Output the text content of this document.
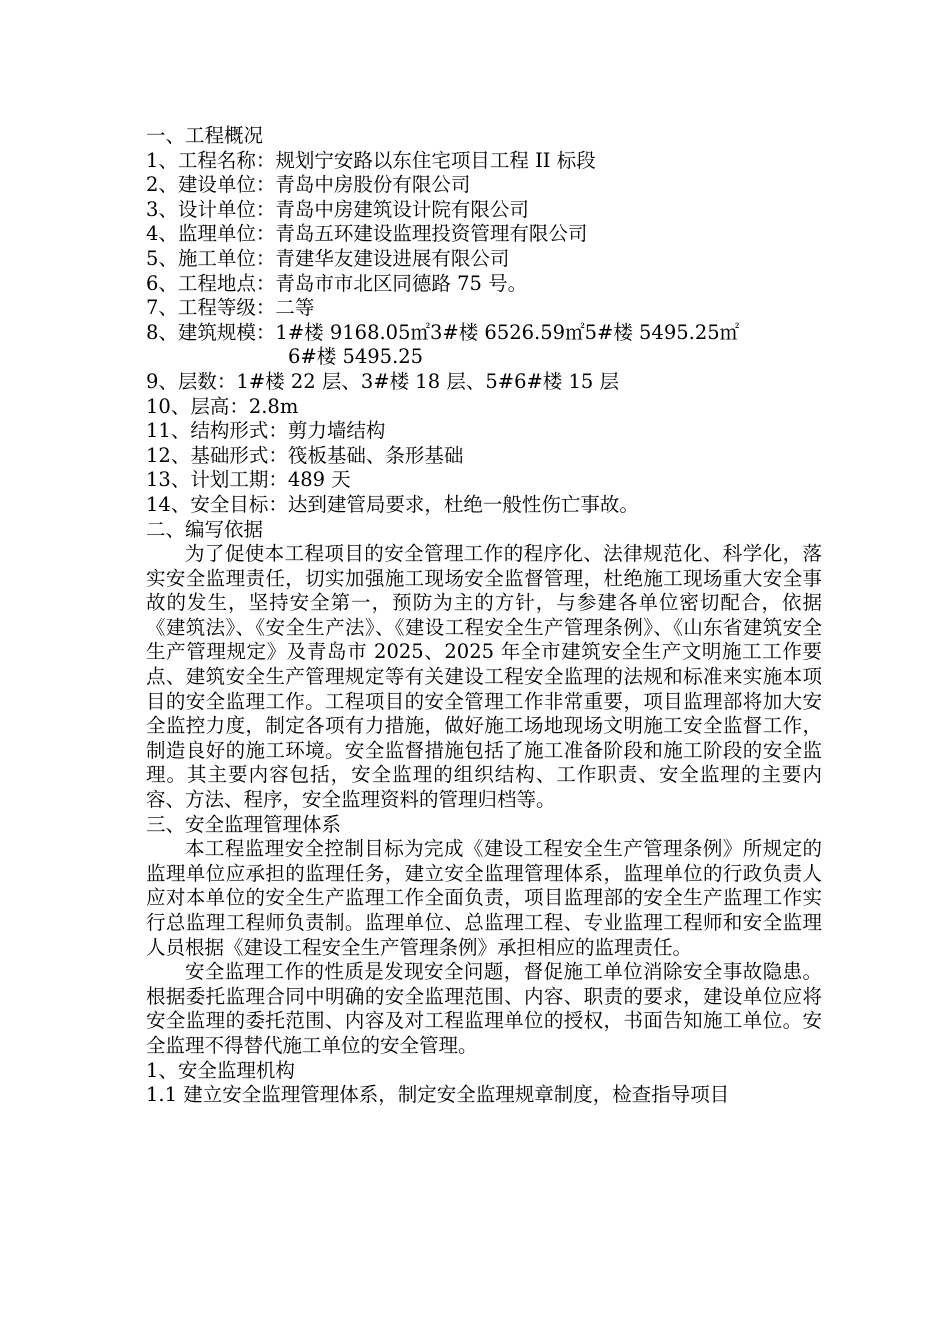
一、工程概况
1、工程名称：规划宁安路以东住宅项目工程 II 标段
2、建设单位：青岛中房股份有限公司
3、设计单位：青岛中房建筑设计院有限公司
4、监理单位：青岛五环建设监理投资管理有限公司
5、施工单位：青建华友建设进展有限公司
6、工程地点：青岛市市北区同德路 75 号。
7、工程等级：二等
8、建筑规模：1#楼 9168.05㎡3#楼 6526.59㎡5#楼 5495.25㎡
6#楼 5495.25
9、层数：1#楼 22 层、3#楼 18 层、5#6#楼 15 层
10、层高：2.8m
11、结构形式：剪力墙结构
12、基础形式：筏板基础、条形基础
13、计划工期：489 天
14、安全目标：达到建管局要求，杜绝一般性伤亡事故。
二、编写依据
为了促使本工程项目的安全管理工作的程序化、法律规范化、科学化，落实安全监理责任，切实加强施工现场安全监督管理，杜绝施工现场重大安全事故的发生，坚持安全第一，预防为主的方针，与参建各单位密切配合，依据《建筑法》、《安全生产法》、《建设工程安全生产管理条例》、《山东省建筑安全生产管理规定》及青岛市 2025、2025 年全市建筑安全生产文明施工工作要点、建筑安全生产管理规定等有关建设工程安全监理的法规和标准来实施本项目的安全监理工作。工程项目的安全管理工作非常重要，项目监理部将加大安全监控力度，制定各项有力措施，做好施工场地现场文明施工安全监督工作，制造良好的施工环境。安全监督措施包括了施工准备阶段和施工阶段的安全监理。其主要内容包括，安全监理的组织结构、工作职责、安全监理的主要内容、方法、程序，安全监理资料的管理归档等。
三、安全监理管理体系
本工程监理安全控制目标为完成《建设工程安全生产管理条例》所规定的监理单位应承担的监理任务，建立安全监理管理体系，监理单位的行政负责人应对本单位的安全生产监理工作全面负责，项目监理部的安全生产监理工作实行总监理工程师负责制。监理单位、总监理工程、专业监理工程师和安全监理人员根据《建设工程安全生产管理条例》承担相应的监理责任。
安全监理工作的性质是发现安全问题，督促施工单位消除安全事故隐患。根据委托监理合同中明确的安全监理范围、内容、职责的要求，建设单位应将安全监理的委托范围、内容及对工程监理单位的授权，书面告知施工单位。安全监理不得替代施工单位的安全管理。
1、安全监理机构
1.1 建立安全监理管理体系，制定安全监理规章制度，检查指导项目
